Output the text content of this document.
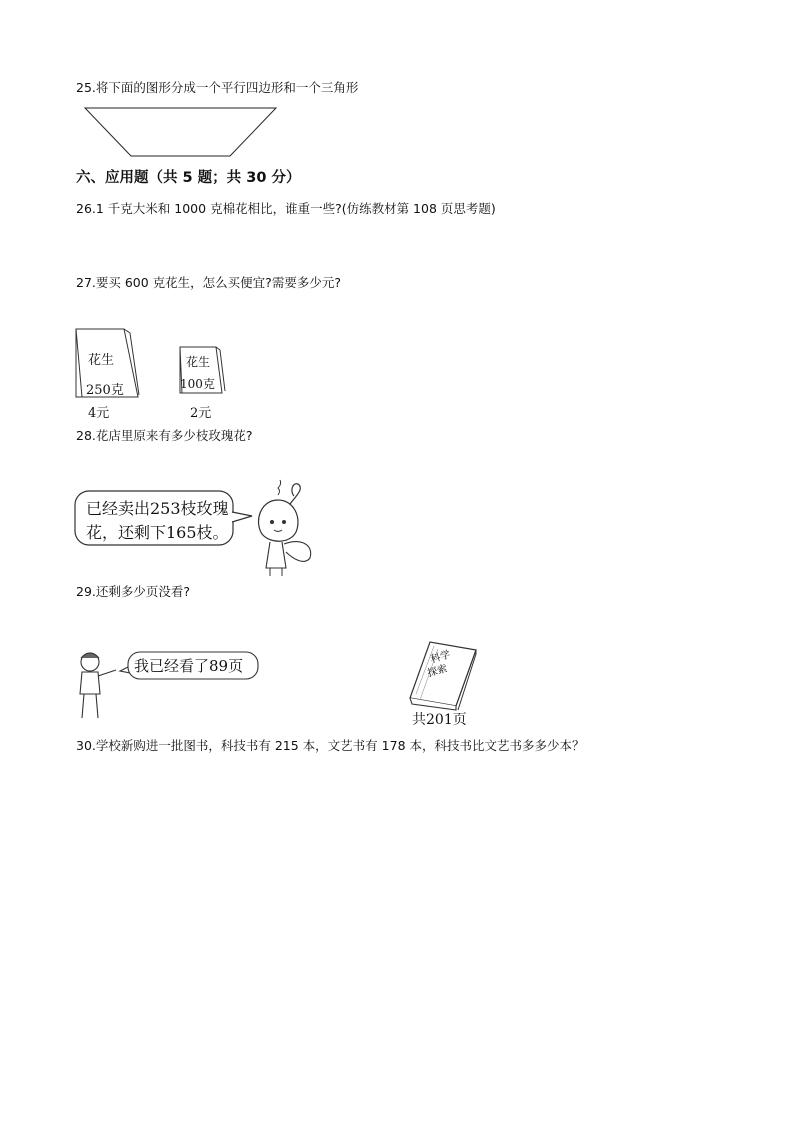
25.将下面的图形分成一个平行四边形和一个三角形
六、应用题（共 5 题；共 30 分）
26.1 千克大米和 1000 克棉花相比，谁重一些?(仿练教材第 108 页思考题)
27.要买 600 克花生，怎么买便宜?需要多少元?
花生
250克
4元
花生
100克
2元
28.花店里原来有多少枝玫瑰花?
已经卖出253枝玫瑰
花，还剩下165枝。
29.还剩多少页没看?
我已经看了89页	科学
探索
共201页
30.学校新购进一批图书，科技书有 215 本，文艺书有 178 本，科技书比文艺书多多少本？
